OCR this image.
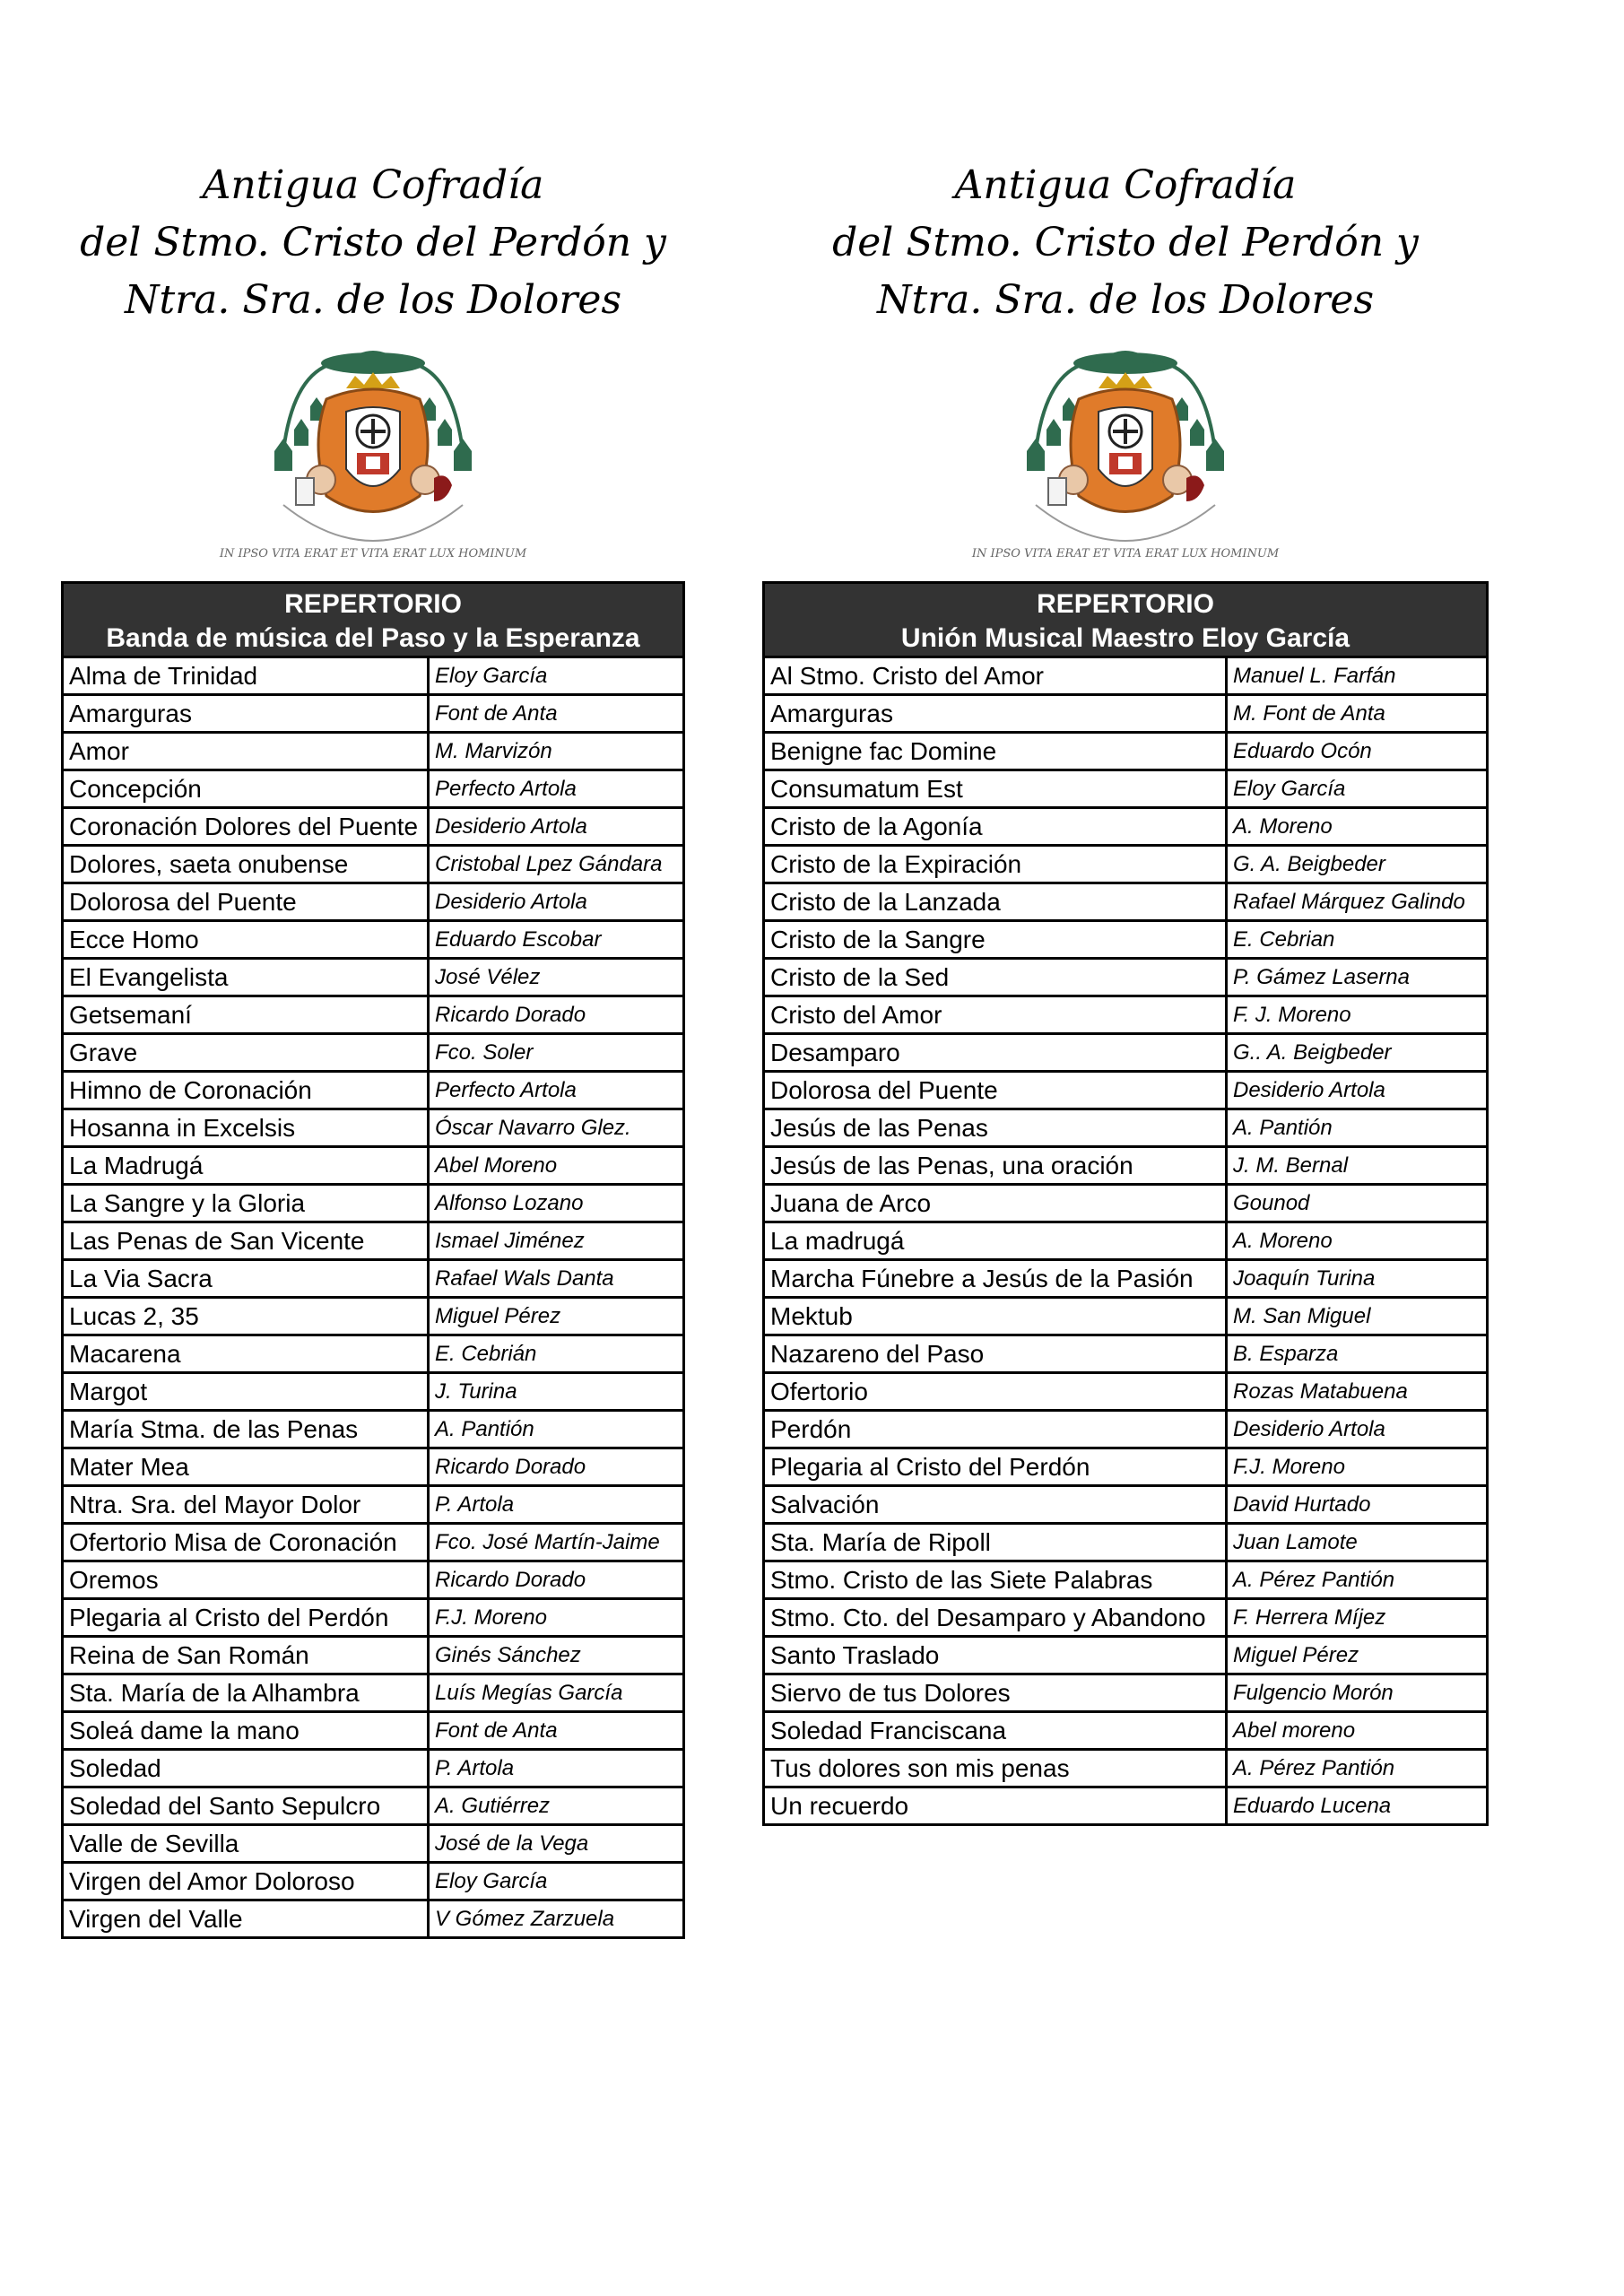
Antigua Cofradía
del Stmo. Cristo del Perdón y
Ntra. Sra. de los Dolores
IN IPSO VITA ERAT ET VITA ERAT LUX HOMINUM
REPERTORIO
Banda de música del Paso y la Esperanza	

Alma de Trinidad	Eloy García
Amarguras	Font de Anta
Amor	M. Marvizón
Concepción	Perfecto Artola
Coronación Dolores del Puente	Desiderio Artola
Dolores, saeta onubense	Cristobal Lpez Gándara
Dolorosa del Puente	Desiderio Artola
Ecce Homo	Eduardo Escobar
El Evangelista	José Vélez
Getsemaní	Ricardo Dorado
Grave	Fco. Soler
Himno de Coronación	Perfecto Artola
Hosanna in Excelsis	Óscar Navarro Glez.
La Madrugá	Abel Moreno
La Sangre y la Gloria	Alfonso Lozano
Las Penas de San Vicente	Ismael Jiménez
La Via Sacra	Rafael Wals Danta
Lucas 2, 35	Miguel Pérez
Macarena	E. Cebrián
Margot	J. Turina
María Stma. de las Penas	A. Pantión
Mater Mea	Ricardo Dorado
Ntra. Sra. del Mayor Dolor	P. Artola
Ofertorio Misa de Coronación	Fco. José Martín-Jaime
Oremos	Ricardo Dorado
Plegaria al Cristo del Perdón	F.J. Moreno
Reina de San Román	Ginés Sánchez
Sta. María de la Alhambra	Luís Megías García
Soleá dame la mano	Font de Anta
Soledad	P. Artola
Soledad del Santo Sepulcro	A. Gutiérrez
Valle de Sevilla	José de la Vega
Virgen del Amor Doloroso	Eloy García
Virgen del Valle	V Gómez Zarzuela
Antigua Cofradía
del Stmo. Cristo del Perdón y
Ntra. Sra. de los Dolores
IN IPSO VITA ERAT ET VITA ERAT LUX HOMINUM
REPERTORIO
Unión Musical Maestro Eloy García	

Al Stmo. Cristo del Amor	Manuel L. Farfán
Amarguras	M. Font de Anta
Benigne fac Domine	Eduardo Ocón
Consumatum Est	Eloy García
Cristo de la Agonía	A. Moreno
Cristo de la Expiración	G. A. Beigbeder
Cristo de la Lanzada	Rafael Márquez Galindo
Cristo de la Sangre	E. Cebrian
Cristo de la Sed	P. Gámez Laserna
Cristo del Amor	F. J. Moreno
Desamparo	G.. A. Beigbeder
Dolorosa del Puente	Desiderio Artola
Jesús de las Penas	A. Pantión
Jesús de las Penas, una oración	J. M. Bernal
Juana de Arco	Gounod
La madrugá	A. Moreno
Marcha Fúnebre a Jesús de la Pasión	Joaquín Turina
Mektub	M. San Miguel
Nazareno del Paso	B. Esparza
Ofertorio	Rozas Matabuena
Perdón	Desiderio Artola
Plegaria al Cristo del Perdón	F.J. Moreno
Salvación	David Hurtado
Sta. María de Ripoll	Juan Lamote
Stmo. Cristo de las Siete Palabras	A. Pérez Pantión
Stmo. Cto. del Desamparo y Abandono	F. Herrera Míjez
Santo Traslado	Miguel Pérez
Siervo de tus Dolores	Fulgencio Morón
Soledad Franciscana	Abel moreno
Tus dolores son mis penas	A. Pérez Pantión
Un recuerdo	Eduardo Lucena
